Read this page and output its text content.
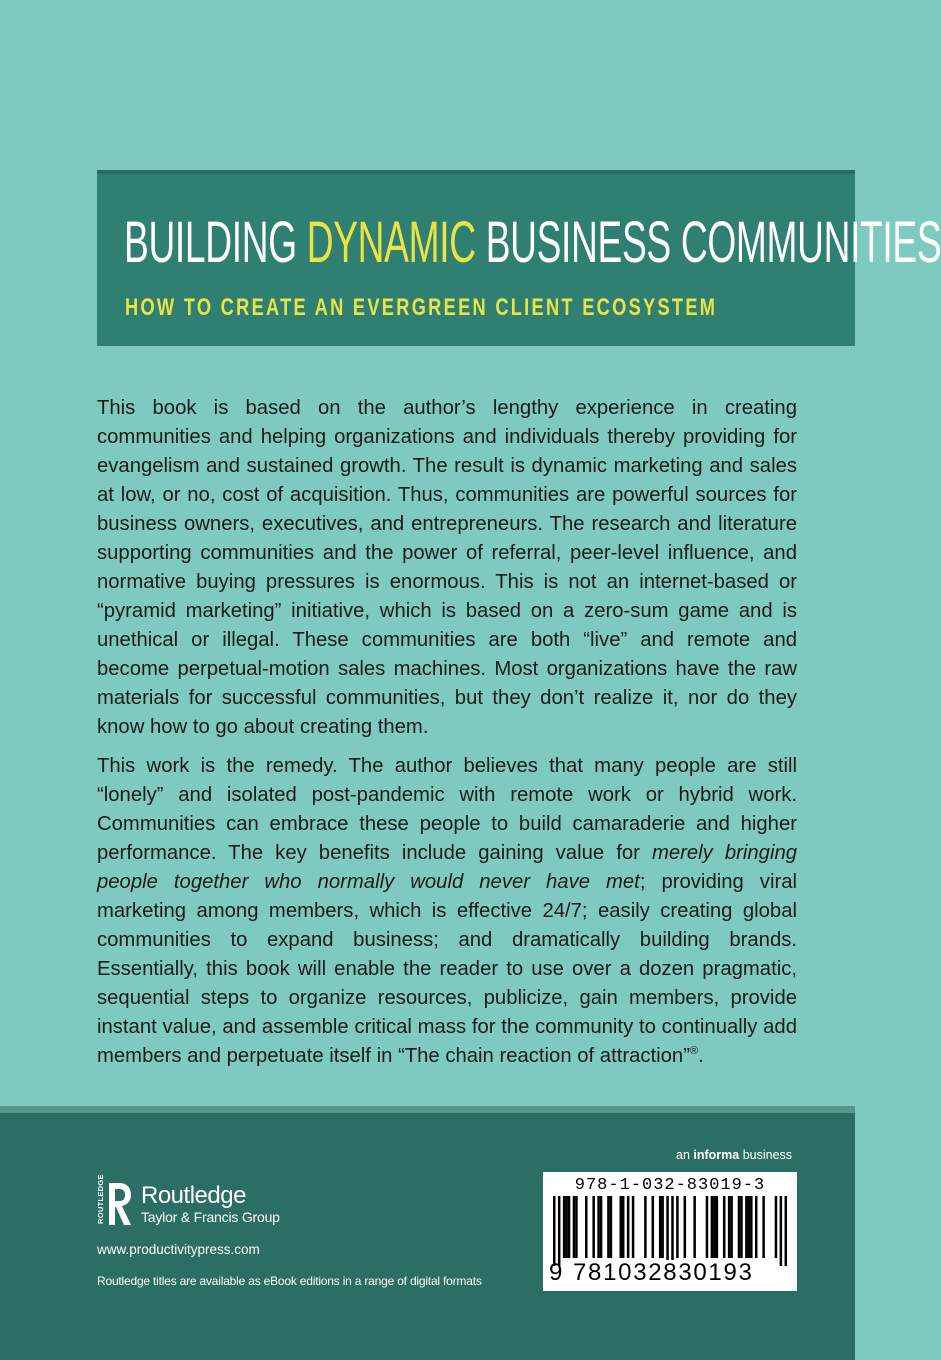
BUILDING DYNAMIC BUSINESS COMMUNITIES
HOW TO CREATE AN EVERGREEN CLIENT ECOSYSTEM

This book is based on the author’s lengthy experience in creating communities and helping organizations and individuals thereby providing for evangelism and sustained growth. The result is dynamic marketing and sales at low, or no, cost of acquisition. Thus, communities are powerful sources for business owners, executives, and entrepreneurs. The research and literature supporting communities and the power of referral, peer-level influence, and normative buying pressures is enormous. This is not an internet-based or “pyramid marketing” initiative, which is based on a zero-sum game and is unethical or illegal. These communities are both “live” and remote and become perpetual-motion sales machines. Most organizations have the raw materials for successful communities, but they don’t realize it, nor do they know how to go about creating them.

This work is the remedy. The author believes that many people are still “lonely” and isolated post-pandemic with remote work or hybrid work. Communities can embrace these people to build camaraderie and higher performance. The key benefits include gaining value for merely bringing people together who normally would never have met; providing viral marketing among members, which is effective 24/7; easily creating global communities to expand business; and dramatically building brands. Essentially, this book will enable the reader to use over a dozen pragmatic, sequential steps to organize resources, publicize, gain members, provide instant value, and assemble critical mass for the community to continually add members and perpetuate itself in “The chain reaction of attraction”®.

ROUTLEDGE Routledge
Taylor & Francis Group
www.productivitypress.com
Routledge titles are available as eBook editions in a range of digital formats
an informa business
978-1-032-83019-3
9 781032830193
